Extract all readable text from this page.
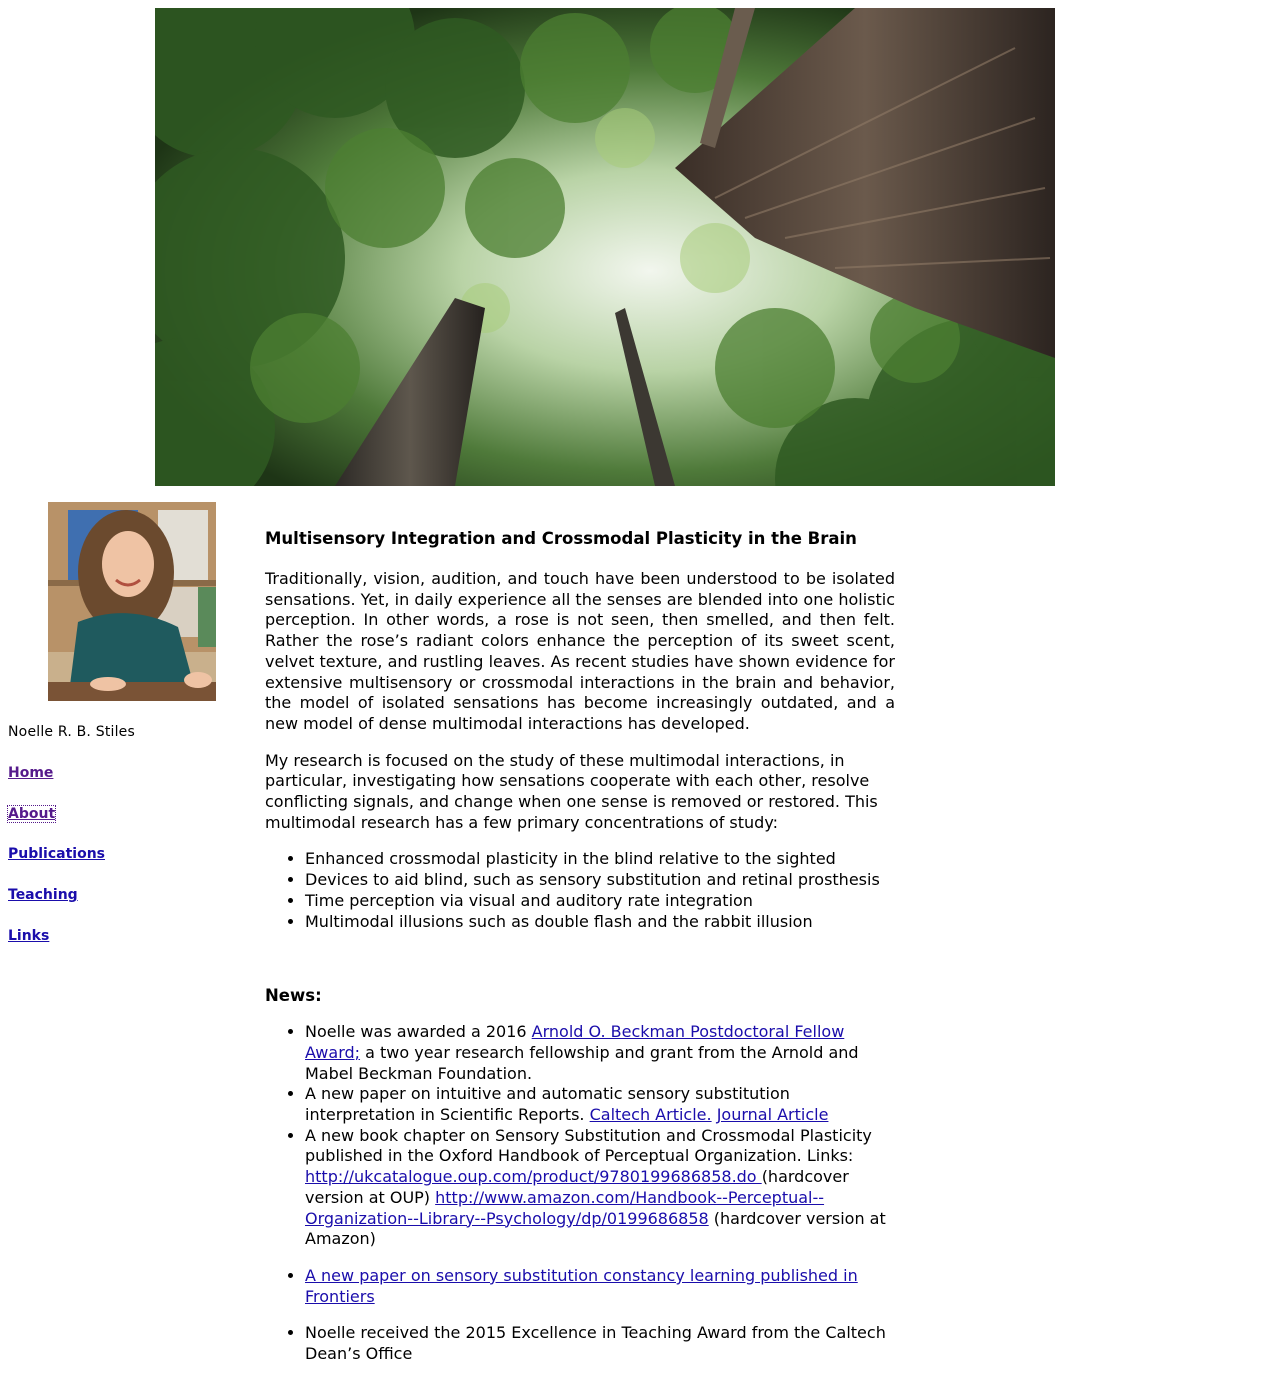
Noelle R. B. Stiles
Home
About
Publications
Teaching
Links
Multisensory Integration and Crossmodal Plasticity in the Brain

Traditionally, vision, audition, and touch have been understood to be isolated sensations. Yet, in daily experience all the senses are blended into one holistic perception. In other words, a rose is not seen, then smelled, and then felt. Rather the rose’s radiant colors enhance the perception of its sweet scent, velvet texture, and rustling leaves. As recent studies have shown evidence for extensive multisensory or crossmodal interactions in the brain and behavior, the model of isolated sensations has become increasingly outdated, and a new model of dense multimodal interactions has developed.

My research is focused on the study of these multimodal interactions, in particular, investigating how sensations cooperate with each other, resolve conflicting signals, and change when one sense is removed or restored. This multimodal research has a few primary concentrations of study:

• Enhanced crossmodal plasticity in the blind relative to the sighted
• Devices to aid blind, such as sensory substitution and retinal prosthesis
• Time perception via visual and auditory rate integration
• Multimodal illusions such as double flash and the rabbit illusion
News:
• Noelle was awarded a 2016 Arnold O. Beckman Postdoctoral Fellow Award; a two year research fellowship and grant from the Arnold and Mabel Beckman Foundation.
• A new paper on intuitive and automatic sensory substitution interpretation in Scientific Reports. Caltech Article. Journal Article
• A new book chapter on Sensory Substitution and Crossmodal Plasticity published in the Oxford Handbook of Perceptual Organization. Links: http://ukcatalogue.oup.com/product/9780199686858.do (hardcover version at OUP) http://www.amazon.com/Handbook--Perceptual--Organization--Library--Psychology/dp/0199686858 (hardcover version at Amazon)
• A new paper on sensory substitution constancy learning published in Frontiers
• Noelle received the 2015 Excellence in Teaching Award from the Caltech Dean’s Office
